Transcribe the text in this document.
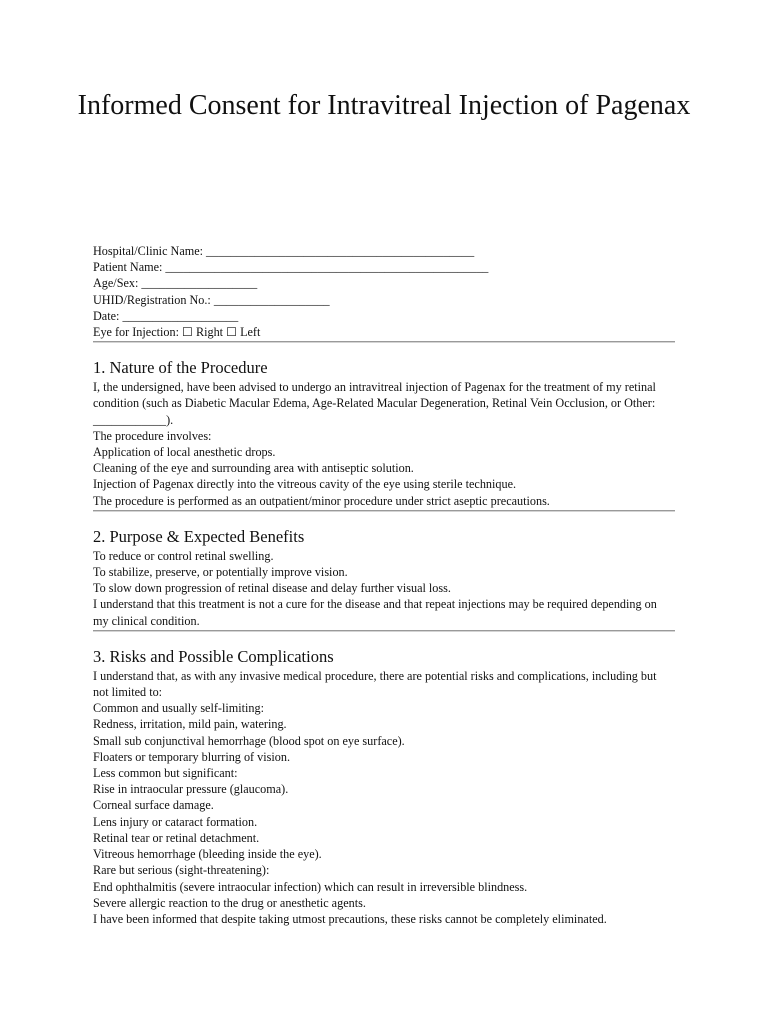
Informed Consent for Intravitreal Injection of Pagenax
Hospital/Clinic Name: ____________________________________________
Patient Name: _____________________________________________________
Age/Sex: ___________________
UHID/Registration No.: ___________________
Date: ___________________
Eye for Injection: ☐ Right ☐ Left
1. Nature of the Procedure
I, the undersigned, have been advised to undergo an intravitreal injection of Pagenax for the treatment of my retinal condition (such as Diabetic Macular Edema, Age-Related Macular Degeneration, Retinal Vein Occlusion, or Other: ____________).
The procedure involves:
Application of local anesthetic drops.
Cleaning of the eye and surrounding area with antiseptic solution.
Injection of Pagenax directly into the vitreous cavity of the eye using sterile technique.
The procedure is performed as an outpatient/minor procedure under strict aseptic precautions.
2. Purpose & Expected Benefits
To reduce or control retinal swelling.
To stabilize, preserve, or potentially improve vision.
To slow down progression of retinal disease and delay further visual loss.
I understand that this treatment is not a cure for the disease and that repeat injections may be required depending on my clinical condition.
3. Risks and Possible Complications
I understand that, as with any invasive medical procedure, there are potential risks and complications, including but not limited to:
Common and usually self-limiting:
Redness, irritation, mild pain, watering.
Small sub conjunctival hemorrhage (blood spot on eye surface).
Floaters or temporary blurring of vision.
Less common but significant:
Rise in intraocular pressure (glaucoma).
Corneal surface damage.
Lens injury or cataract formation.
Retinal tear or retinal detachment.
Vitreous hemorrhage (bleeding inside the eye).
Rare but serious (sight-threatening):
End ophthalmitis (severe intraocular infection) which can result in irreversible blindness.
Severe allergic reaction to the drug or anesthetic agents.
I have been informed that despite taking utmost precautions, these risks cannot be completely eliminated.
